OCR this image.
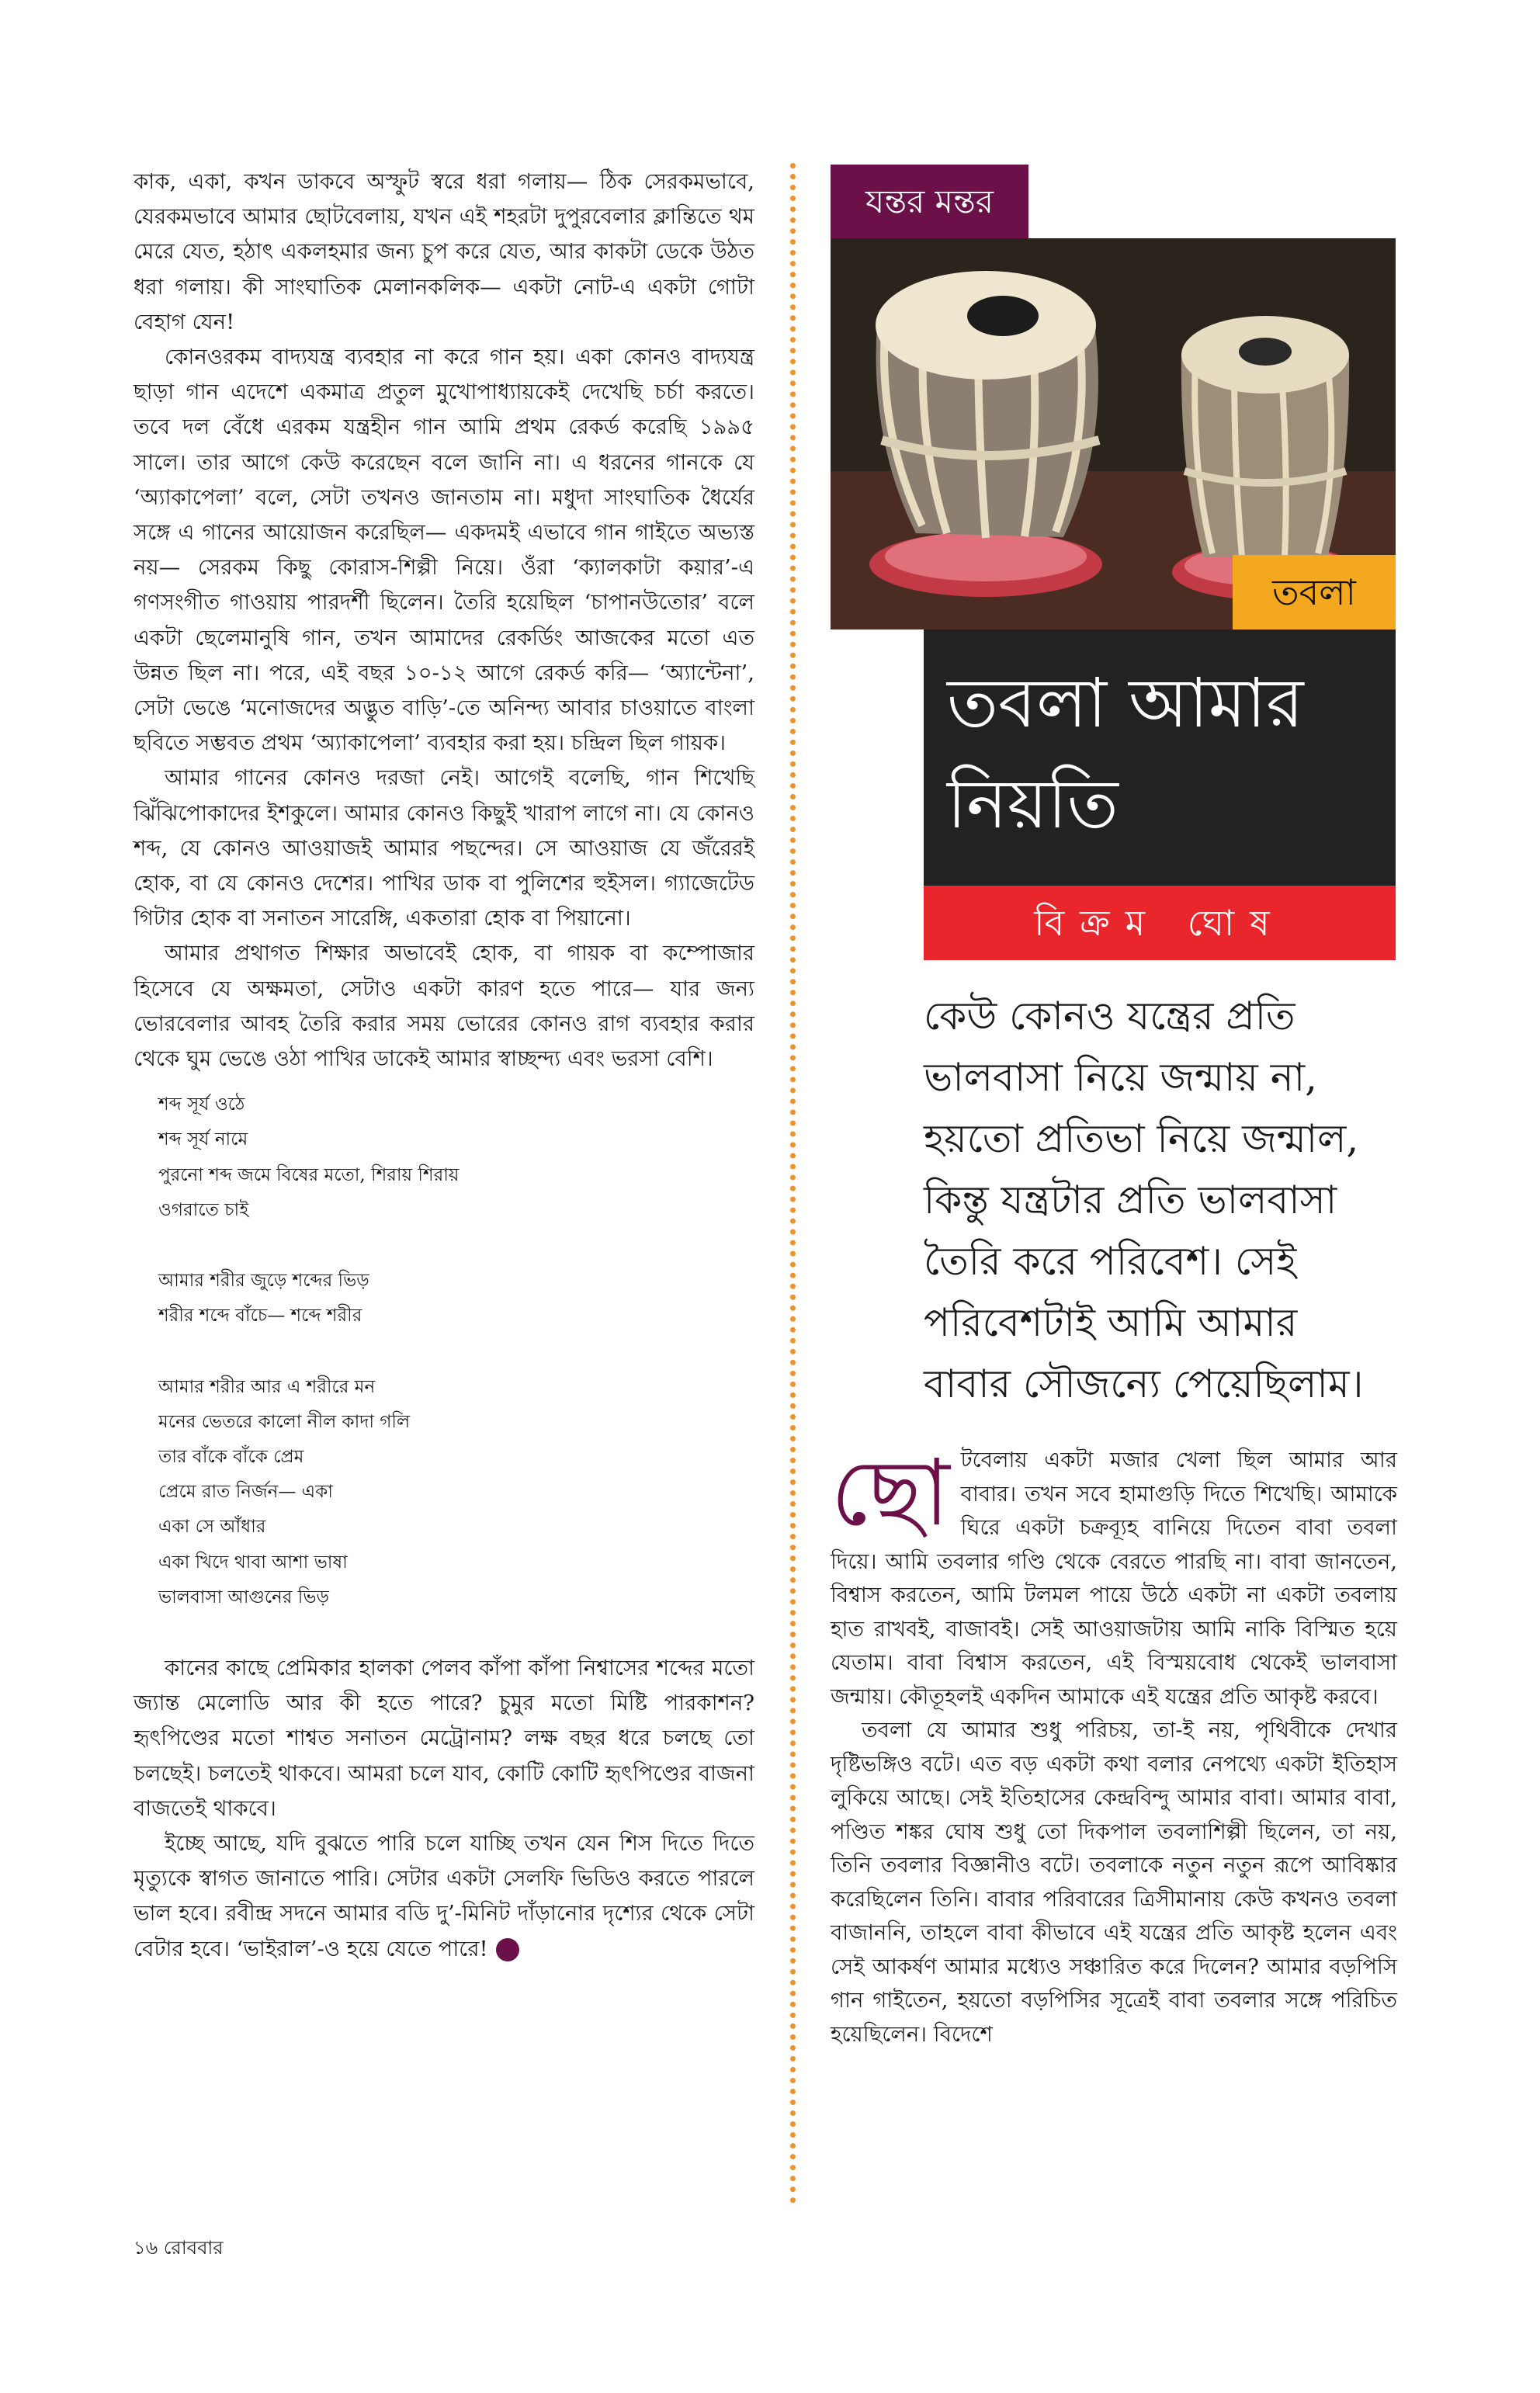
কাক, একা, কখন ডাকবে অস্ফুট স্বরে ধরা গলায়— ঠিক সেরকমভাবে, যেরকমভাবে আমার ছোটবেলায়, যখন এই শহরটা দুপুরবেলার ক্লান্তিতে থম মেরে যেত, হঠাৎ একলহমার জন্য চুপ করে যেত, আর কাকটা ডেকে উঠত ধরা গলায়। কী সাংঘাতিক মেলানকলিক— একটা নোট-এ একটা গোটা বেহাগ যেন!

কোনওরকম বাদ্যযন্ত্র ব্যবহার না করে গান হয়। একা কোনও বাদ্যযন্ত্র ছাড়া গান এদেশে একমাত্র প্রতুল মুখোপাধ্যায়কেই দেখেছি চর্চা করতে। তবে দল বেঁধে এরকম যন্ত্রহীন গান আমি প্রথম রেকর্ড করেছি ১৯৯৫ সালে। তার আগে কেউ করেছেন বলে জানি না। এ ধরনের গানকে যে ‘অ্যাকাপেলা’ বলে, সেটা তখনও জানতাম না। মধুদা সাংঘাতিক ধৈর্যের সঙ্গে এ গানের আয়োজন করেছিল— একদমই এভাবে গান গাইতে অভ্যস্ত নয়— সেরকম কিছু কোরাস-শিল্পী নিয়ে। ওঁরা ‘ক্যালকাটা কয়ার’-এ গণসংগীত গাওয়ায় পারদর্শী ছিলেন। তৈরি হয়েছিল ‘চাপানউতোর’ বলে একটা ছেলেমানুষি গান, তখন আমাদের রেকর্ডিং আজকের মতো এত উন্নত ছিল না। পরে, এই বছর ১০-১২ আগে রেকর্ড করি— ‘অ্যান্টেনা’, সেটা ভেঙে ‘মনোজদের অদ্ভুত বাড়ি’-তে অনিন্দ্য আবার চাওয়াতে বাংলা ছবিতে সম্ভবত প্রথম ‘অ্যাকাপেলা’ ব্যবহার করা হয়। চন্দ্রিল ছিল গায়ক।

আমার গানের কোনও দরজা নেই। আগেই বলেছি, গান শিখেছি ঝিঁঝিপোকাদের ইশকুলে। আমার কোনও কিছুই খারাপ লাগে না। যে কোনও শব্দ, যে কোনও আওয়াজই আমার পছন্দের। সে আওয়াজ যে জঁরেরই হোক, বা যে কোনও দেশের। পাখির ডাক বা পুলিশের হুইসল। গ্যাজেটেড গিটার হোক বা সনাতন সারেঙ্গি, একতারা হোক বা পিয়ানো।

আমার প্রথাগত শিক্ষার অভাবেই হোক, বা গায়ক বা কম্পোজার হিসেবে যে অক্ষমতা, সেটাও একটা কারণ হতে পারে— যার জন্য ভোরবেলার আবহ তৈরি করার সময় ভোরের কোনও রাগ ব্যবহার করার থেকে ঘুম ভেঙে ওঠা পাখির ডাকেই আমার স্বাচ্ছন্দ্য এবং ভরসা বেশি।

শব্দ সূর্য ওঠে

শব্দ সূর্য নামে

পুরনো শব্দ জমে বিষের মতো, শিরায় শিরায়

ওগরাতে চাই

আমার শরীর জুড়ে শব্দের ভিড়

শরীর শব্দে বাঁচে— শব্দে শরীর

আমার শরীর আর এ শরীরে মন

মনের ভেতরে কালো নীল কাদা গলি

তার বাঁকে বাঁকে প্রেম

প্রেমে রাত নির্জন— একা

একা সে আঁধার

একা খিদে থাবা আশা ভাষা

ভালবাসা আগুনের ভিড়

কানের কাছে প্রেমিকার হালকা পেলব কাঁপা কাঁপা নিশ্বাসের শব্দের মতো জ্যান্ত মেলোডি আর কী হতে পারে? চুমুর মতো মিষ্টি পারকাশন? হৃৎপিণ্ডের মতো শাশ্বত সনাতন মেট্রোনাম? লক্ষ বছর ধরে চলছে তো চলছেই। চলতেই থাকবে। আমরা চলে যাব, কোটি কোটি হৃৎপিণ্ডের বাজনা বাজতেই থাকবে।

ইচ্ছে আছে, যদি বুঝতে পারি চলে যাচ্ছি তখন যেন শিস দিতে দিতে মৃত্যুকে স্বাগত জানাতে পারি। সেটার একটা সেলফি ভিডিও করতে পারলে ভাল হবে। রবীন্দ্র সদনে আমার বডি দু’-মিনিট দাঁড়ানোর দৃশ্যের থেকে সেটা বেটার হবে। ‘ভাইরাল’-ও হয়ে যেতে পারে!

১৬ রোববার
যন্তর মন্তর
তবলা

তবলা আমার

নিয়তি

বিক্রম ঘোষ

কেউ কোনও যন্ত্রের প্রতি

ভালবাসা নিয়ে জন্মায় না,

হয়তো প্রতিভা নিয়ে জন্মাল,

কিন্তু যন্ত্রটার প্রতি ভালবাসা

তৈরি করে পরিবেশ। সেই

পরিবেশটাই আমি আমার

বাবার সৌজন্যে পেয়েছিলাম।

ছোটবেলায় একটা মজার খেলা ছিল আমার আর বাবার। তখন সবে হামাগুড়ি দিতে শিখেছি। আমাকে ঘিরে একটা চক্রব্যূহ বানিয়ে দিতেন বাবা তবলা দিয়ে। আমি তবলার গণ্ডি থেকে বেরতে পারছি না। বাবা জানতেন, বিশ্বাস করতেন, আমি টলমল পায়ে উঠে একটা না একটা তবলায় হাত রাখবই, বাজাবই। সেই আওয়াজটায় আমি নাকি বিস্মিত হয়ে যেতাম। বাবা বিশ্বাস করতেন, এই বিস্ময়বোধ থেকেই ভালবাসা জন্মায়। কৌতূহলই একদিন আমাকে এই যন্ত্রের প্রতি আকৃষ্ট করবে।

তবলা যে আমার শুধু পরিচয়, তা-ই নয়, পৃথিবীকে দেখার দৃষ্টিভঙ্গিও বটে। এত বড় একটা কথা বলার নেপথ্যে একটা ইতিহাস লুকিয়ে আছে। সেই ইতিহাসের কেন্দ্রবিন্দু আমার বাবা। আমার বাবা, পণ্ডিত শঙ্কর ঘোষ শুধু তো দিকপাল তবলাশিল্পী ছিলেন, তা নয়, তিনি তবলার বিজ্ঞানীও বটে। তবলাকে নতুন নতুন রূপে আবিষ্কার করেছিলেন তিনি। বাবার পরিবারের ত্রিসীমানায় কেউ কখনও তবলা বাজাননি, তাহলে বাবা কীভাবে এই যন্ত্রের প্রতি আকৃষ্ট হলেন এবং সেই আকর্ষণ আমার মধ্যেও সঞ্চারিত করে দিলেন? আমার বড়পিসি গান গাইতেন, হয়তো বড়পিসির সূত্রেই বাবা তবলার সঙ্গে পরিচিত হয়েছিলেন। বিদেশে
